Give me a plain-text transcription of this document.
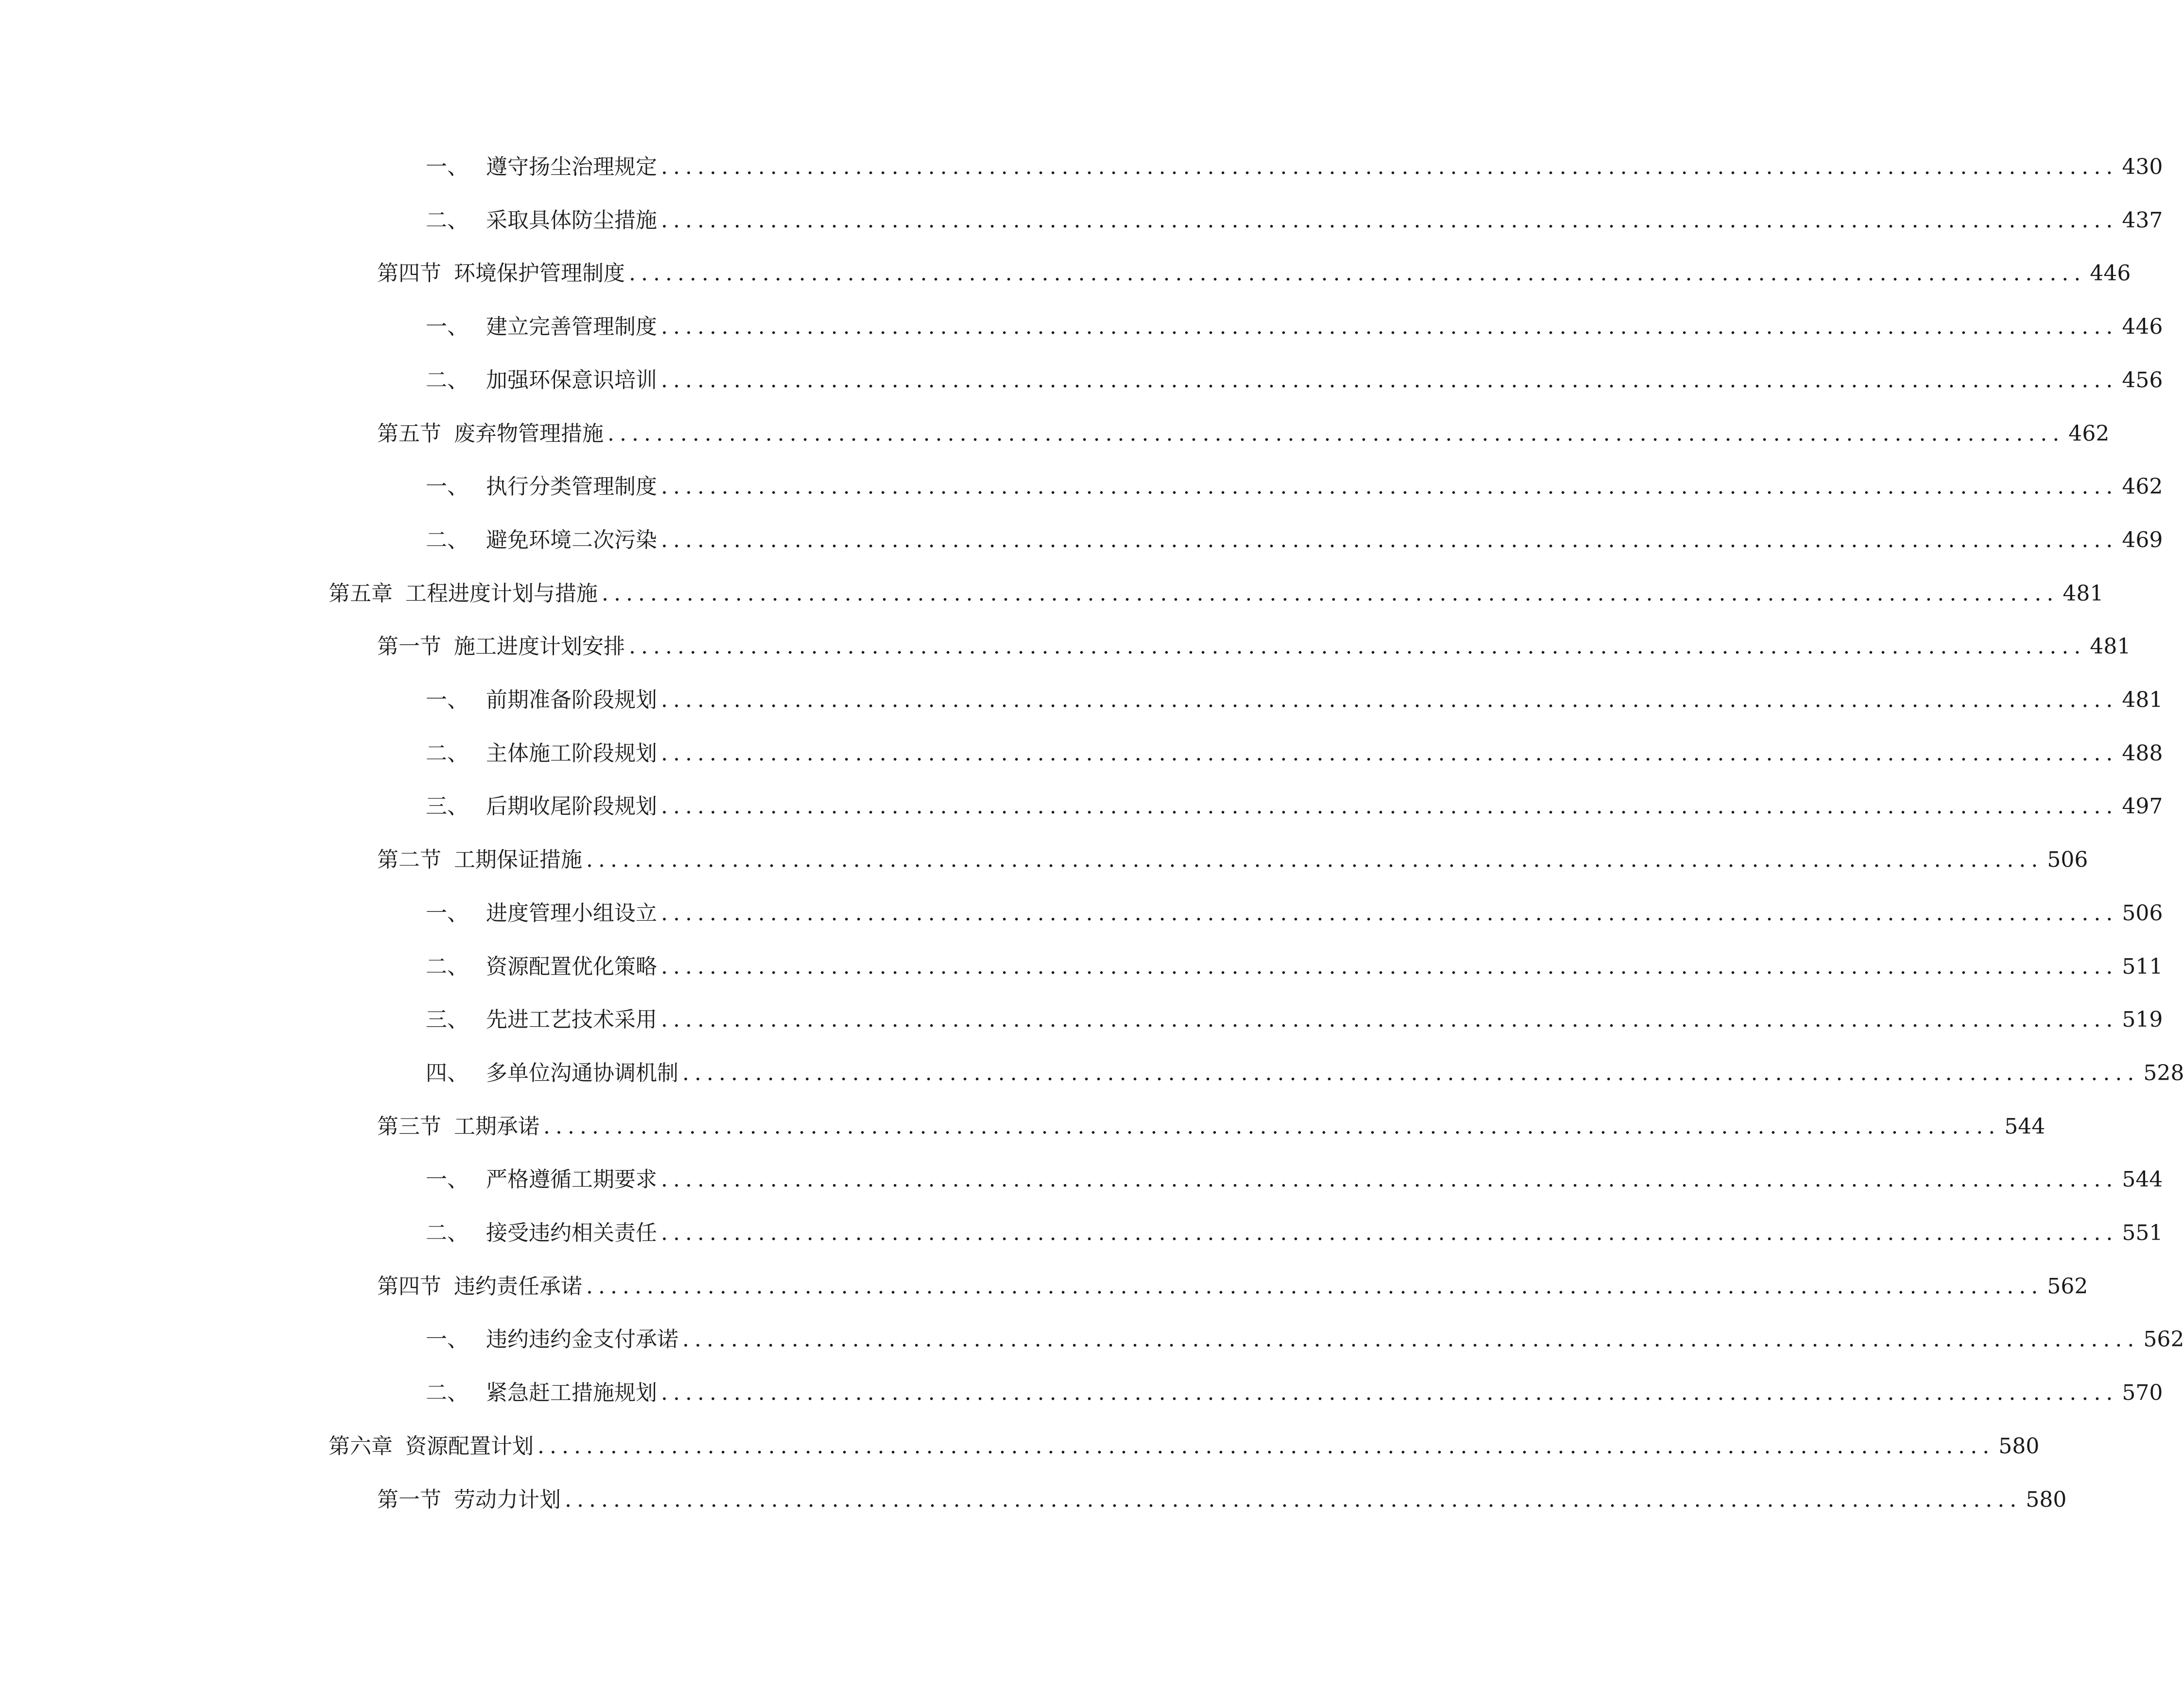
一、 遵守扬尘治理规定 ........................................................................................................................ 430
二、 采取具体防尘措施 ........................................................................................................................ 437
第四节 环境保护管理制度 ........................................................................................................................ 446
一、 建立完善管理制度 ........................................................................................................................ 446
二、 加强环保意识培训 ........................................................................................................................ 456
第五节 废弃物管理措施 ........................................................................................................................ 462
一、 执行分类管理制度 ........................................................................................................................ 462
二、 避免环境二次污染 ........................................................................................................................ 469
第五章 工程进度计划与措施 ........................................................................................................................ 481
第一节 施工进度计划安排 ........................................................................................................................ 481
一、 前期准备阶段规划 ........................................................................................................................ 481
二、 主体施工阶段规划 ........................................................................................................................ 488
三、 后期收尾阶段规划 ........................................................................................................................ 497
第二节 工期保证措施 ........................................................................................................................ 506
一、 进度管理小组设立 ........................................................................................................................ 506
二、 资源配置优化策略 ........................................................................................................................ 511
三、 先进工艺技术采用 ........................................................................................................................ 519
四、 多单位沟通协调机制 ........................................................................................................................ 528
第三节 工期承诺 ........................................................................................................................ 544
一、 严格遵循工期要求 ........................................................................................................................ 544
二、 接受违约相关责任 ........................................................................................................................ 551
第四节 违约责任承诺 ........................................................................................................................ 562
一、 违约违约金支付承诺 ........................................................................................................................ 562
二、 紧急赶工措施规划 ........................................................................................................................ 570
第六章 资源配置计划 ........................................................................................................................ 580
第一节 劳动力计划 ........................................................................................................................ 580
